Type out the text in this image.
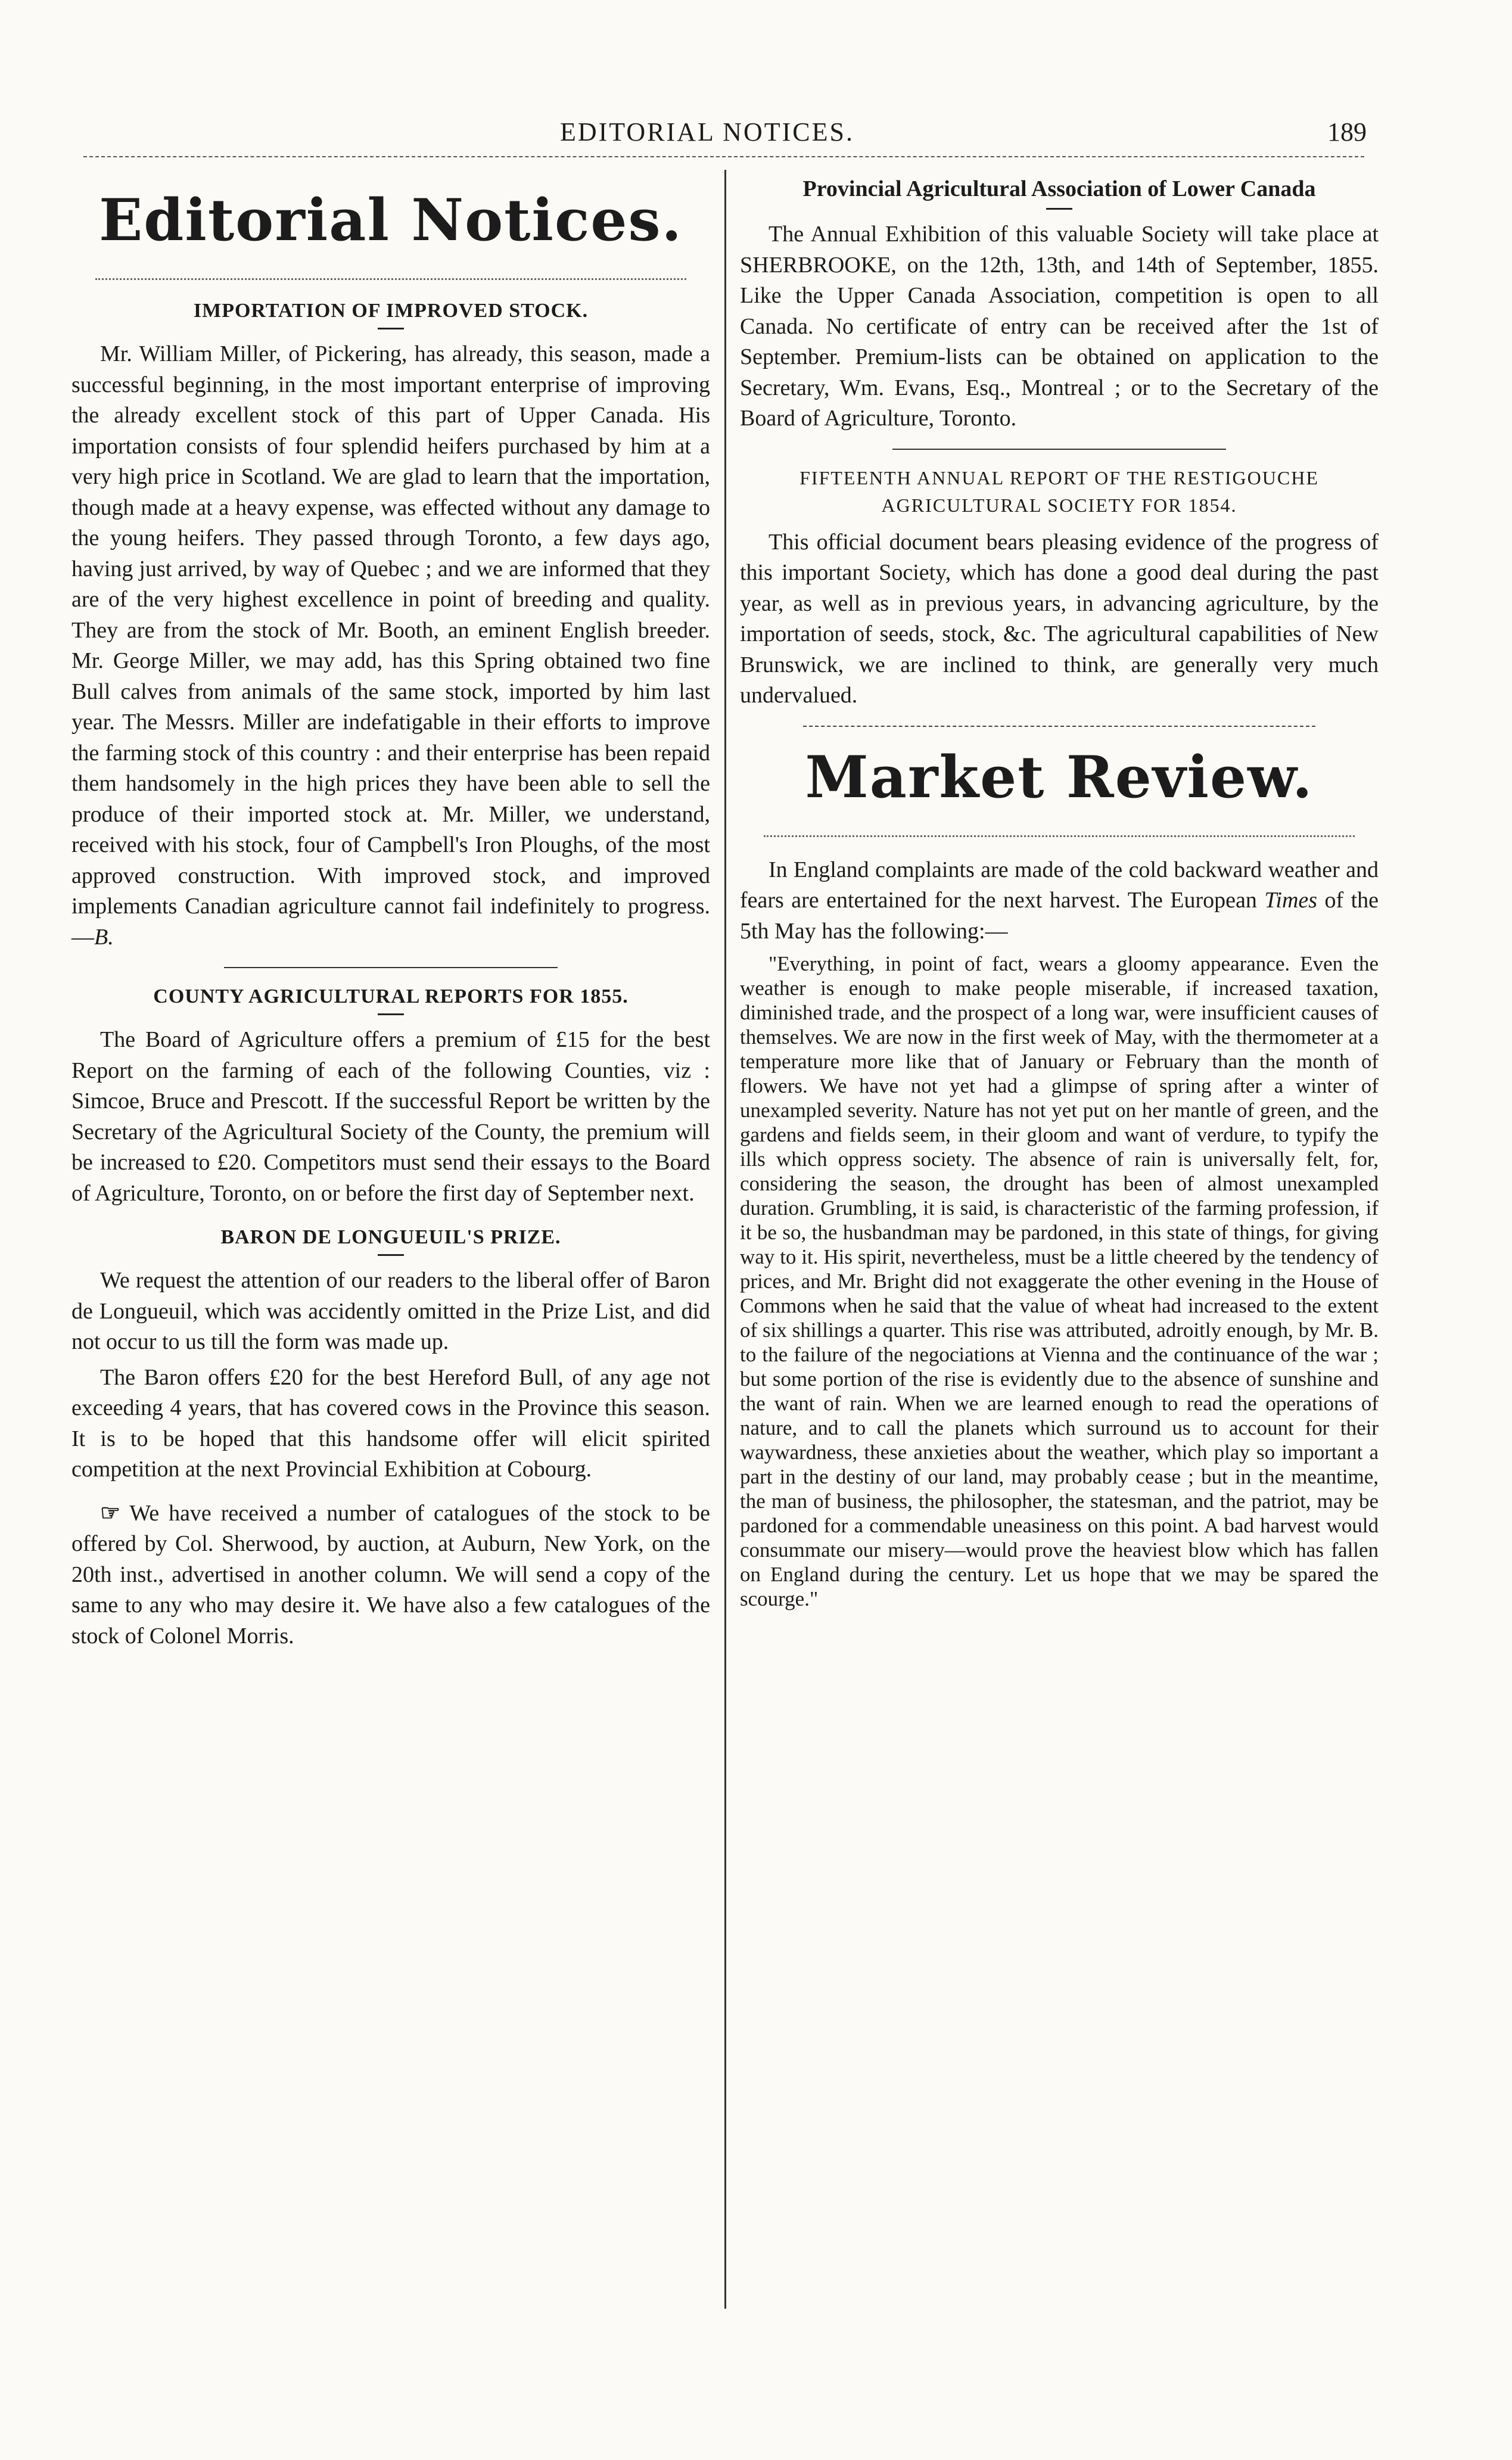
EDITORIAL NOTICES.	189
Editorial Notices.
IMPORTATION OF IMPROVED STOCK.

Mr. William Miller, of Pickering, has already, this season, made a successful beginning, in the most important enterprise of improving the already excellent stock of this part of Upper Canada. His importation consists of four splendid heifers purchased by him at a very high price in Scotland. We are glad to learn that the importation, though made at a heavy expense, was effected without any damage to the young heifers. They passed through Toronto, a few days ago, having just arrived, by way of Quebec ; and we are informed that they are of the very highest excellence in point of breeding and quality. They are from the stock of Mr. Booth, an eminent English breeder. Mr. George Miller, we may add, has this Spring obtained two fine Bull calves from animals of the same stock, imported by him last year. The Messrs. Miller are indefatigable in their efforts to improve the farming stock of this country : and their enterprise has been repaid them handsomely in the high prices they have been able to sell the produce of their imported stock at. Mr. Miller, we understand, received with his stock, four of Campbell's Iron Ploughs, of the most approved construction. With improved stock, and improved implements Canadian agriculture cannot fail indefinitely to progress.—B.

COUNTY AGRICULTURAL REPORTS FOR 1855.

The Board of Agriculture offers a premium of £15 for the best Report on the farming of each of the following Counties, viz : Simcoe, Bruce and Prescott. If the successful Report be written by the Secretary of the Agricultural Society of the County, the premium will be increased to £20. Competitors must send their essays to the Board of Agriculture, Toronto, on or before the first day of September next.

BARON DE LONGUEUIL'S PRIZE.

We request the attention of our readers to the liberal offer of Baron de Longueuil, which was accidently omitted in the Prize List, and did not occur to us till the form was made up.

The Baron offers £20 for the best Hereford Bull, of any age not exceeding 4 years, that has covered cows in the Province this season. It is to be hoped that this handsome offer will elicit spirited competition at the next Provincial Exhibition at Cobourg.

☞ We have received a number of catalogues of the stock to be offered by Col. Sherwood, by auction, at Auburn, New York, on the 20th inst., advertised in another column. We will send a copy of the same to any who may desire it. We have also a few catalogues of the stock of Colonel Morris.

Provincial Agricultural Association of Lower Canada

The Annual Exhibition of this valuable Society will take place at SHERBROOKE, on the 12th, 13th, and 14th of September, 1855. Like the Upper Canada Association, competition is open to all Canada. No certificate of entry can be received after the 1st of September. Premium-lists can be obtained on application to the Secretary, Wm. Evans, Esq., Montreal ; or to the Secretary of the Board of Agriculture, Toronto.

FIFTEENTH ANNUAL REPORT OF THE RESTIGOUCHE
AGRICULTURAL SOCIETY FOR 1854.

This official document bears pleasing evidence of the progress of this important Society, which has done a good deal during the past year, as well as in previous years, in advancing agriculture, by the importation of seeds, stock, &c. The agricultural capabilities of New Brunswick, we are inclined to think, are generally very much undervalued.

Market Review.

In England complaints are made of the cold backward weather and fears are entertained for the next harvest. The European Times of the 5th May has the following:—

"Everything, in point of fact, wears a gloomy appearance. Even the weather is enough to make people miserable, if increased taxation, diminished trade, and the prospect of a long war, were insufficient causes of themselves. We are now in the first week of May, with the thermometer at a temperature more like that of January or February than the month of flowers. We have not yet had a glimpse of spring after a winter of unexampled severity. Nature has not yet put on her mantle of green, and the gardens and fields seem, in their gloom and want of verdure, to typify the ills which oppress society. The absence of rain is universally felt, for, considering the season, the drought has been of almost unexampled duration. Grumbling, it is said, is characteristic of the farming profession, if it be so, the husbandman may be pardoned, in this state of things, for giving way to it. His spirit, nevertheless, must be a little cheered by the tendency of prices, and Mr. Bright did not exaggerate the other evening in the House of Commons when he said that the value of wheat had increased to the extent of six shillings a quarter. This rise was attributed, adroitly enough, by Mr. B. to the failure of the negociations at Vienna and the continuance of the war ; but some portion of the rise is evidently due to the absence of sunshine and the want of rain. When we are learned enough to read the operations of nature, and to call the planets which surround us to account for their waywardness, these anxieties about the weather, which play so important a part in the destiny of our land, may probably cease ; but in the meantime, the man of business, the philosopher, the statesman, and the patriot, may be pardoned for a commendable uneasiness on this point. A bad harvest would consummate our misery—would prove the heaviest blow which has fallen on England during the century. Let us hope that we may be spared the scourge."
